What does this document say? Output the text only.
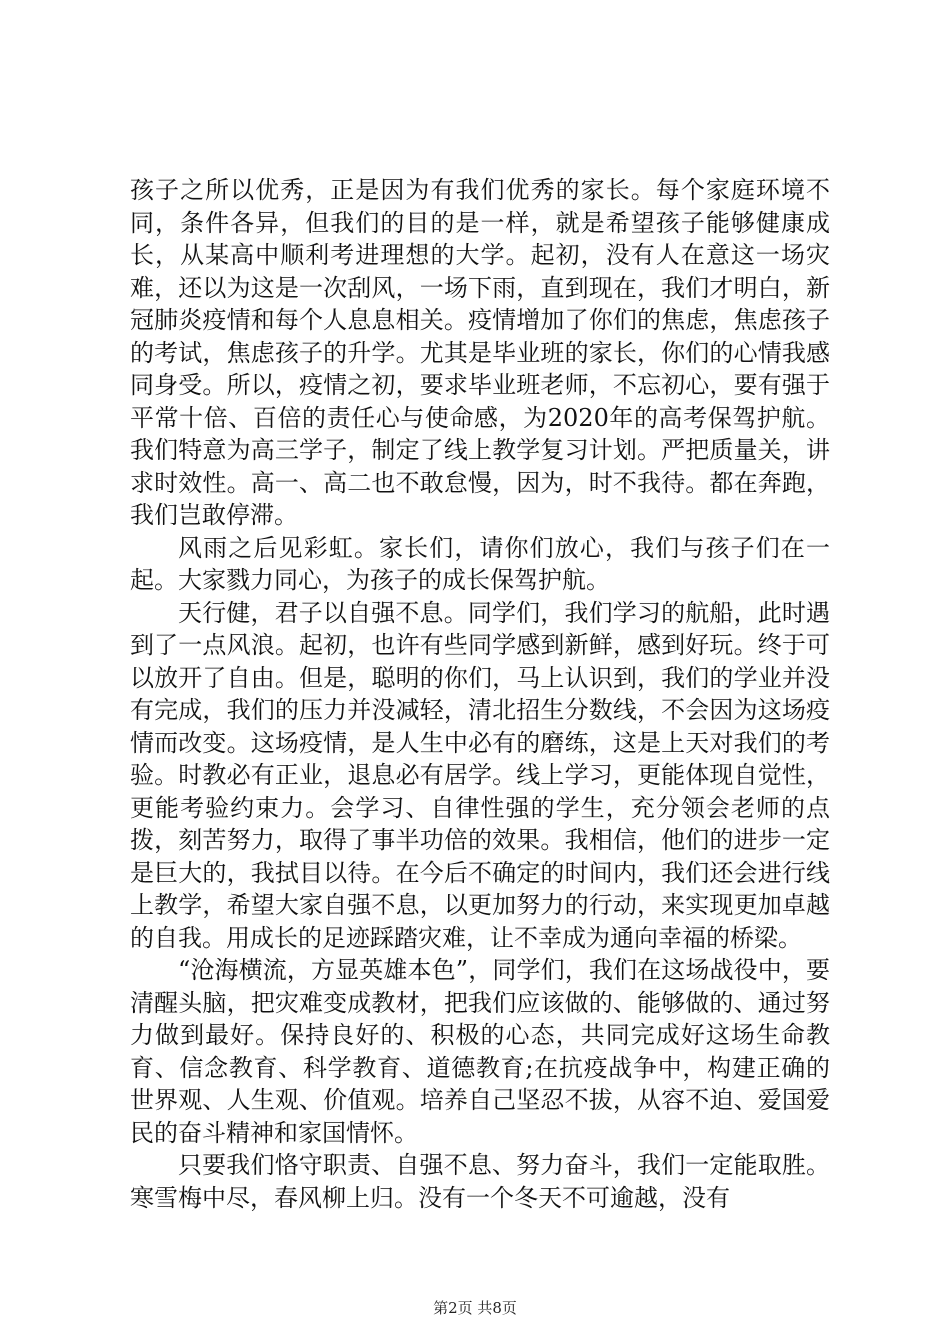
孩子之所以优秀，正是因为有我们优秀的家长。每个家庭环境不同，条件各异，但我们的目的是一样，就是希望孩子能够健康成长，从某高中顺利考进理想的大学。起初，没有人在意这一场灾难，还以为这是一次刮风，一场下雨，直到现在，我们才明白，新冠肺炎疫情和每个人息息相关。疫情增加了你们的焦虑，焦虑孩子的考试，焦虑孩子的升学。尤其是毕业班的家长，你们的心情我感同身受。所以，疫情之初，要求毕业班老师，不忘初心，要有强于平常十倍、百倍的责任心与使命感，为2020年的高考保驾护航。我们特意为高三学子，制定了线上教学复习计划。严把质量关，讲求时效性。高一、高二也不敢怠慢，因为，时不我待。都在奔跑，我们岂敢停滞。

风雨之后见彩虹。家长们，请你们放心，我们与孩子们在一起。大家戮力同心，为孩子的成长保驾护航。

天行健，君子以自强不息。同学们，我们学习的航船，此时遇到了一点风浪。起初，也许有些同学感到新鲜，感到好玩。终于可以放开了自由。但是，聪明的你们，马上认识到，我们的学业并没有完成，我们的压力并没减轻，清北招生分数线，不会因为这场疫情而改变。这场疫情，是人生中必有的磨练，这是上天对我们的考验。时教必有正业，退息必有居学。线上学习，更能体现自觉性，更能考验约束力。会学习、自律性强的学生，充分领会老师的点拨，刻苦努力，取得了事半功倍的效果。我相信，他们的进步一定是巨大的，我拭目以待。在今后不确定的时间内，我们还会进行线上教学，希望大家自强不息，以更加努力的行动，来实现更加卓越的自我。用成长的足迹踩踏灾难，让不幸成为通向幸福的桥梁。

“沧海横流，方显英雄本色”，同学们，我们在这场战役中，要清醒头脑，把灾难变成教材，把我们应该做的、能够做的、通过努力做到最好。保持良好的、积极的心态，共同完成好这场生命教育、信念教育、科学教育、道德教育;在抗疫战争中，构建正确的世界观、人生观、价值观。培养自己坚忍不拔，从容不迫、爱国爱民的奋斗精神和家国情怀。

只要我们恪守职责、自强不息、努力奋斗，我们一定能取胜。寒雪梅中尽，春风柳上归。没有一个冬天不可逾越，没有

第2页 共8页
